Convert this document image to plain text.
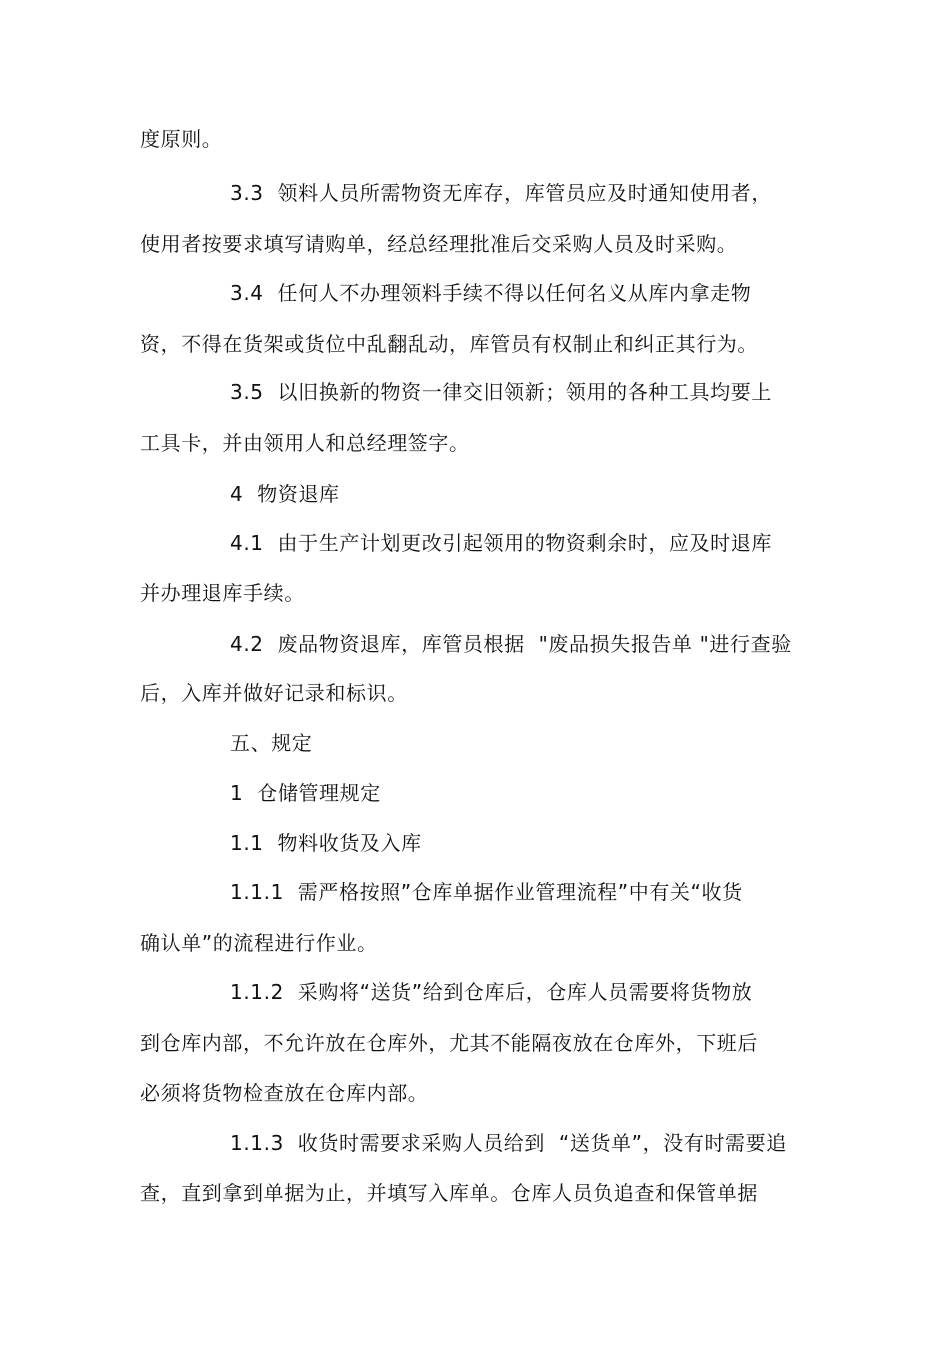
度原则。
3.3  领料人员所需物资无库存，库管员应及时通知使用者，
使用者按要求填写请购单，经总经理批准后交采购人员及时采购。
3.4  任何人不办理领料手续不得以任何名义从库内拿走物
资，不得在货架或货位中乱翻乱动，库管员有权制止和纠正其行为。
3.5  以旧换新的物资一律交旧领新；领用的各种工具均要上
工具卡，并由领用人和总经理签字。
4  物资退库
4.1  由于生产计划更改引起领用的物资剩余时，应及时退库
并办理退库手续。
4.2  废品物资退库，库管员根据  "废品损失报告单 "进行查验
后，入库并做好记录和标识。
五、规定
1  仓储管理规定
1.1  物料收货及入库
1.1.1  需严格按照”仓库单据作业管理流程”中有关“收货
确认单”的流程进行作业。
1.1.2  采购将“送货”给到仓库后，仓库人员需要将货物放
到仓库内部，不允许放在仓库外，尤其不能隔夜放在仓库外，下班后
必须将货物检查放在仓库内部。
1.1.3  收货时需要求采购人员给到  “送货单”，没有时需要追
查，直到拿到单据为止，并填写入库单。仓库人员负追查和保管单据
